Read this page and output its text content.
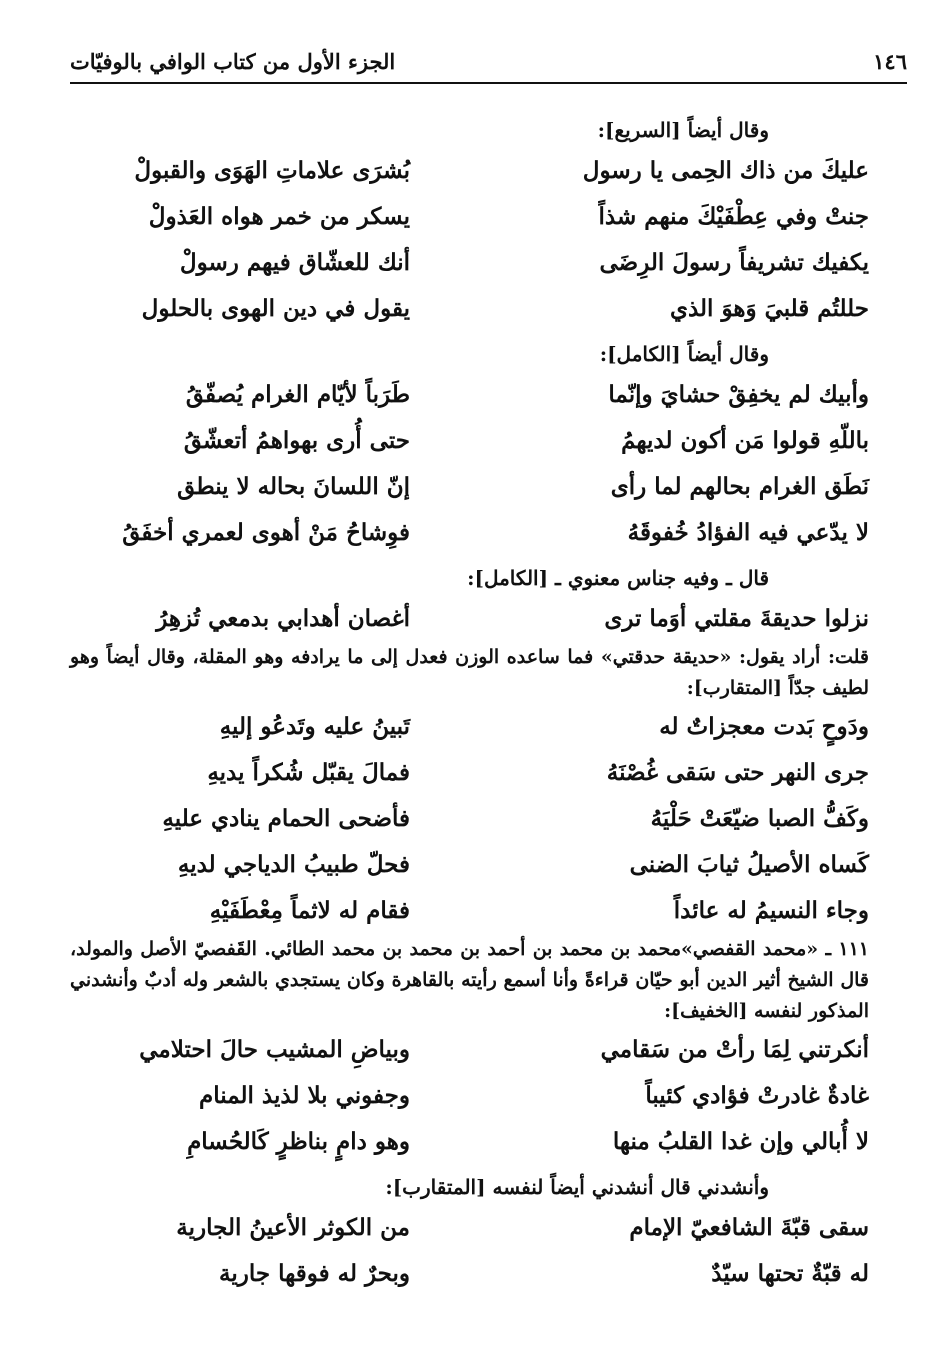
١٤٦
الجزء الأول من كتاب الوافي بالوفيّات
وقال أيضاً [السريع]:
عليكَ من ذاك الحِمى يا رسول
بُشرَى علاماتِ الهَوَى والقبولْ
جنتْ وفي عِطْفَيْكَ منهم شذاً
يسكر من خمر هواه العَذولْ
يكفيك تشريفاً رسولَ الرِضَى
أنك للعشّاق فيهم رسولْ
حللتُم قلبيَ وَهوَ الذي
يقول في دين الهوى بالحلول
وقال أيضاً [الكامل]:
وأبيك لم يخفِقْ حشايَ وإنّما
طَرَباً لأيّام الغرام يُصفّقُ
باللّهِ قولوا مَن أكون لديهمُ
حتى أُرى بهواهمُ أتعشّقُ
نَطَق الغرام بحالهم لما رأى
إنّ اللسانَ بحاله لا ينطق
لا يدّعي فيه الفؤادُ خُفوقَهُ
فوِشاحُ مَنْ أهوى لعمري أخفَقُ
قال ـ وفيه جناس معنوي ـ [الكامل]:
نزلوا حديقةَ مقلتي أوَما ترى
أغصان أهدابي بدمعي تُزهِرُ
قلت: أراد يقول: «حديقة حدقتي» فما ساعده الوزن فعدل إلى ما يرادفه وهو المقلة، وقال أيضاً وهو لطيف جدّاً [المتقارب]:
ودَوحٍ بَدت معجزاتٌ له
تَبينُ عليه وتَدعُو إليهِ
جرى النهر حتى سَقى غُصْنَهُ
فمالَ يقبّل شُكراً يديهِ
وكَفُّ الصبا ضيّعَتْ حَلْيَهُ
فأضحى الحمام ينادي عليهِ
كَساه الأصيلُ ثيابَ الضنى
فحلّ طبيبُ الدياجي لديهِ
وجاء النسيمُ له عائداً
فقام له لاثماً مِعْطَفَيْهِ
١١١ ـ «محمد القفصي»محمد بن محمد بن أحمد بن محمد بن محمد الطائي. القَفصيّ الأصل والمولد، قال الشيخ أثير الدين أبو حيّان قراءةً وأنا أسمع رأيته بالقاهرة وكان يستجدي بالشعر وله أدبٌ وأنشدني المذكور لنفسه [الخفيف]:
أنكرتني لِمَا رأتْ من سَقامي
وبياضِ المشيب حالَ احتلامي
غادةٌ غادرتْ فؤادي كئيباً
وجفوني بلا لذيذ المنام
لا أُبالي وإن غدا القلبُ منها
وهو دامٍ بناظرٍ كَالحُسامِ
وأنشدني قال أنشدني أيضاً لنفسه [المتقارب]:
سقى قبّةَ الشافعيّ الإمام
من الكوثر الأعينُ الجارية
له قبّةٌ تحتها سيّدٌ
وبحرٌ له فوقها جارية
